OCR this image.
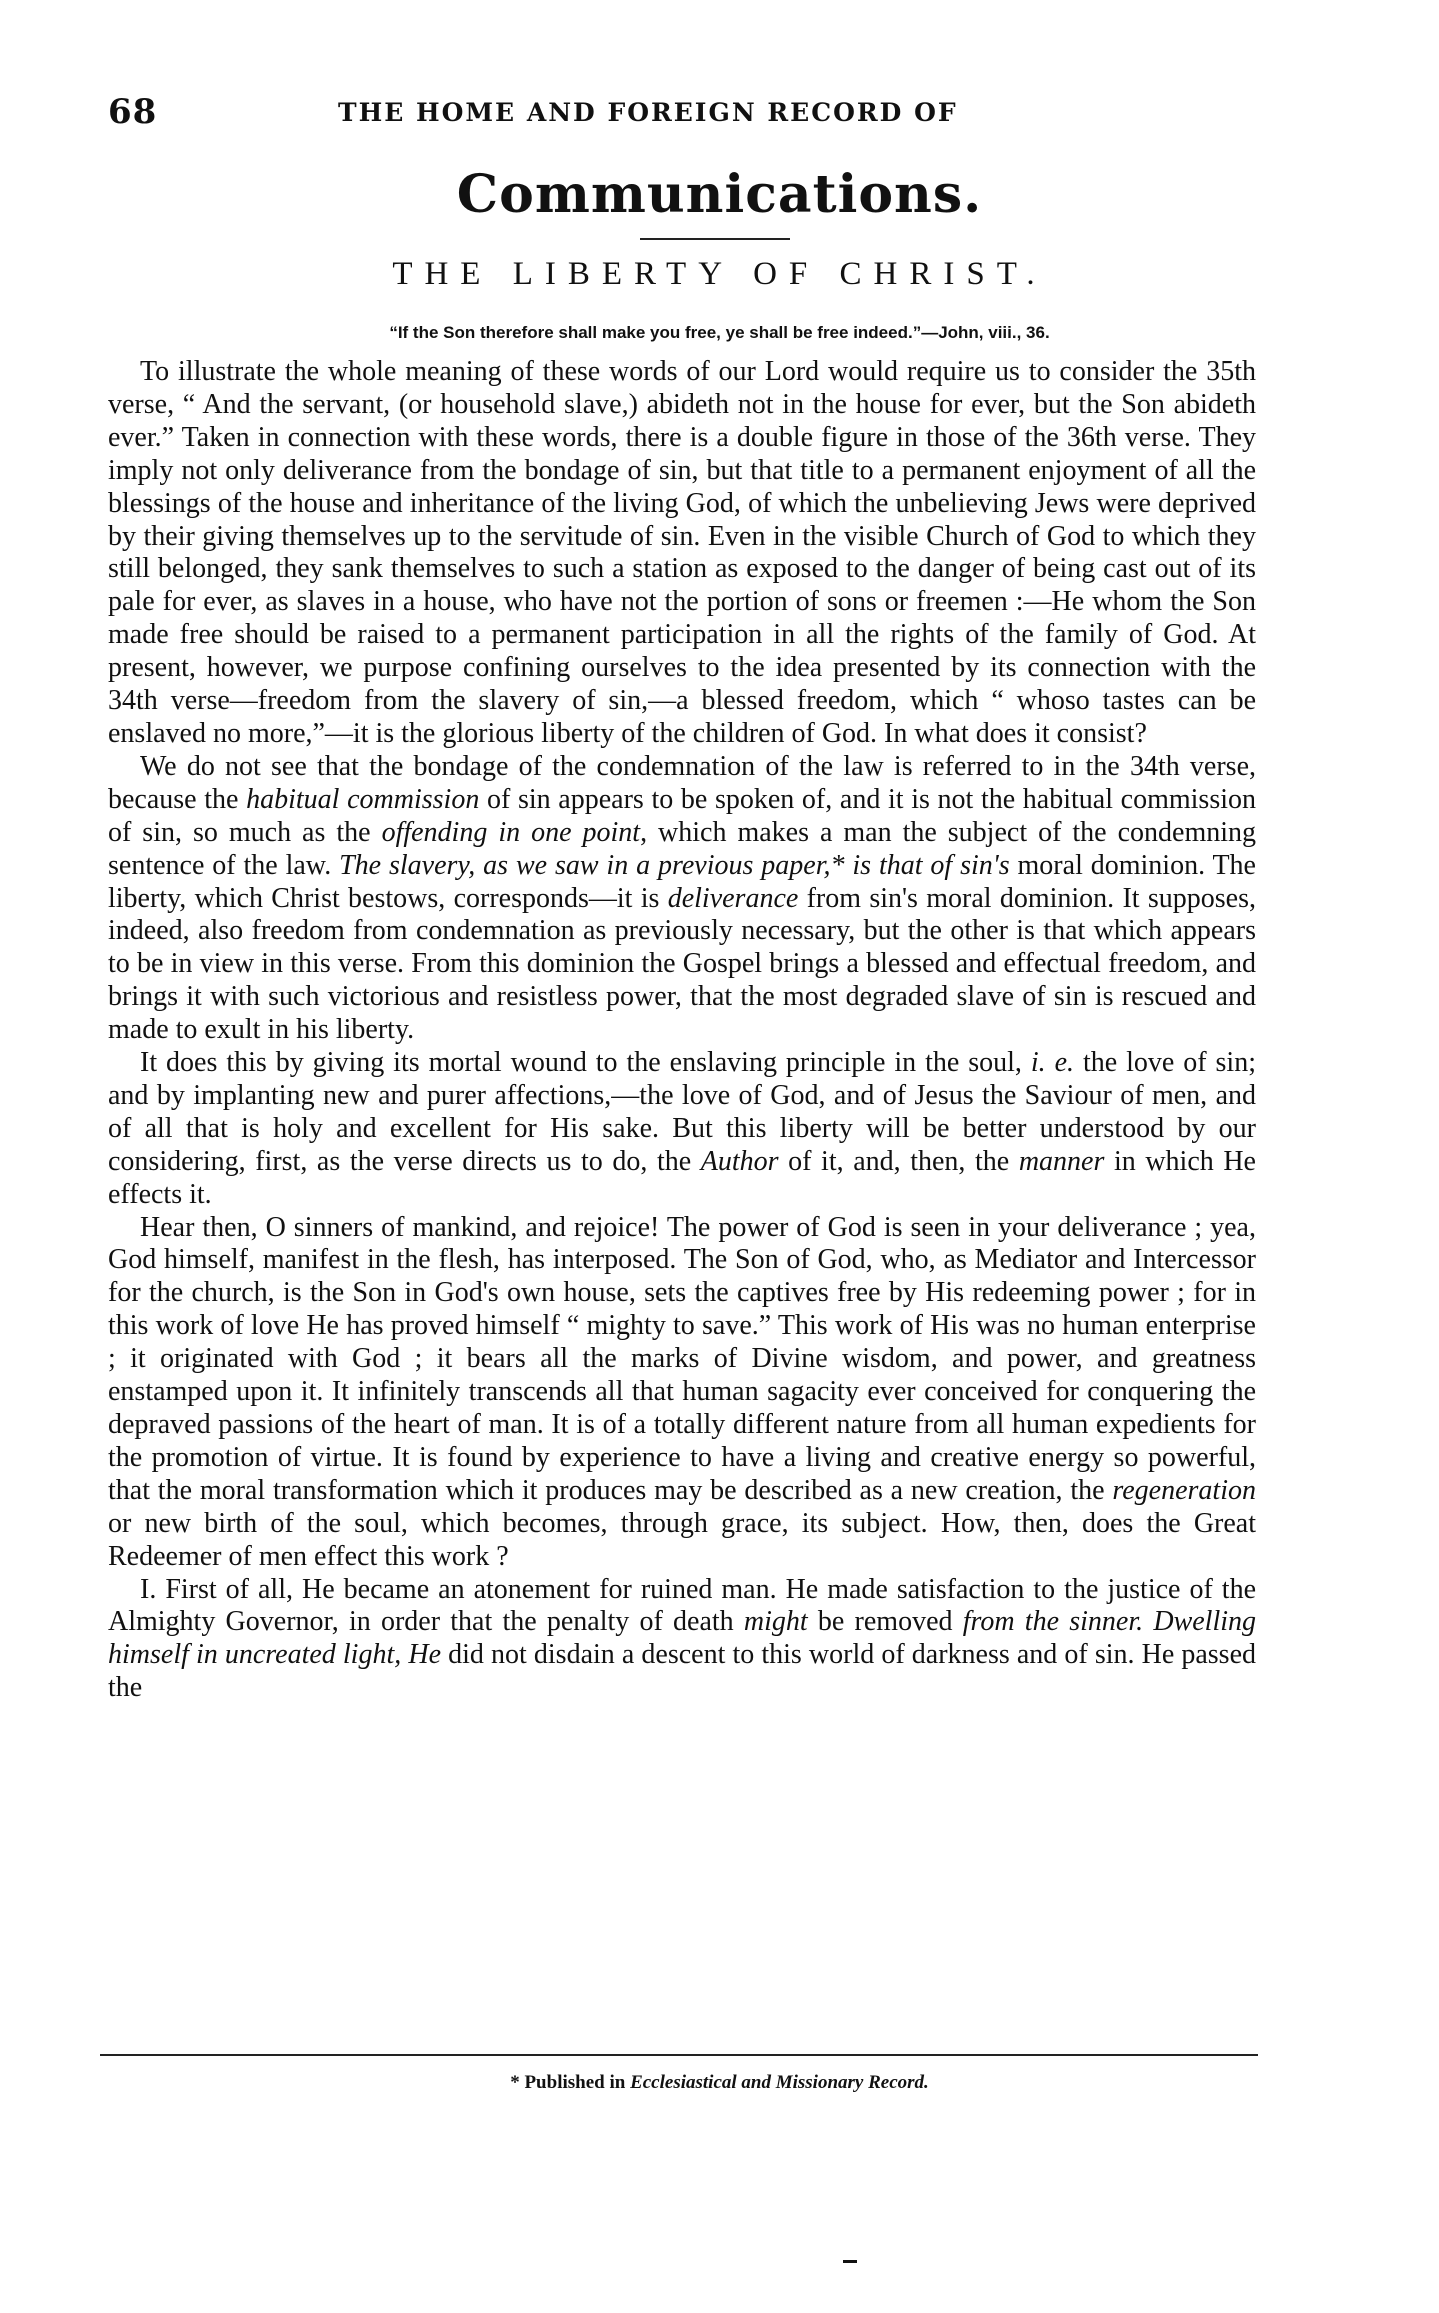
68	THE HOME AND FOREIGN RECORD OF
Communications.
THE LIBERTY OF CHRIST.
“If the Son therefore shall make you free, ye shall be free indeed.”—John, viii., 36.

To illustrate the whole meaning of these words of our Lord would require us to consider the 35th verse, “ And the servant, (or household slave,) abideth not in the house for ever, but the Son abideth ever.” Taken in connection with these words, there is a double figure in those of the 36th verse. They imply not only deliverance from the bondage of sin, but that title to a permanent enjoyment of all the blessings of the house and inheritance of the living God, of which the unbelieving Jews were deprived by their giving themselves up to the servitude of sin. Even in the visible Church of God to which they still belonged, they sank themselves to such a station as exposed to the danger of being cast out of its pale for ever, as slaves in a house, who have not the portion of sons or freemen :—He whom the Son made free should be raised to a permanent participation in all the rights of the family of God. At present, however, we purpose confining ourselves to the idea presented by its connection with the 34th verse—freedom from the slavery of sin,—a blessed freedom, which “ whoso tastes can be enslaved no more,”—it is the glorious liberty of the children of God. In what does it consist?

We do not see that the bondage of the condemnation of the law is referred to in the 34th verse, because the habitual commission of sin appears to be spoken of, and it is not the habitual commission of sin, so much as the offending in one point, which makes a man the subject of the condemning sentence of the law. The slavery, as we saw in a previous paper,* is that of sin's moral dominion. The liberty, which Christ bestows, corresponds—it is deliverance from sin's moral dominion. It supposes, indeed, also freedom from condemnation as previously necessary, but the other is that which appears to be in view in this verse. From this dominion the Gospel brings a blessed and effectual freedom, and brings it with such victorious and resistless power, that the most degraded slave of sin is rescued and made to exult in his liberty.

It does this by giving its mortal wound to the enslaving principle in the soul, i. e. the love of sin; and by implanting new and purer affections,—the love of God, and of Jesus the Saviour of men, and of all that is holy and excellent for His sake. But this liberty will be better understood by our considering, first, as the verse directs us to do, the Author of it, and, then, the manner in which He effects it.

Hear then, O sinners of mankind, and rejoice! The power of God is seen in your deliverance ; yea, God himself, manifest in the flesh, has interposed. The Son of God, who, as Mediator and Intercessor for the church, is the Son in God's own house, sets the captives free by His redeeming power ; for in this work of love He has proved himself “ mighty to save.” This work of His was no human enterprise ; it originated with God ; it bears all the marks of Divine wisdom, and power, and greatness enstamped upon it. It infinitely transcends all that human sagacity ever conceived for conquering the depraved passions of the heart of man. It is of a totally different nature from all human expedients for the promotion of virtue. It is found by experience to have a living and creative energy so powerful, that the moral transformation which it produces may be described as a new creation, the regeneration or new birth of the soul, which becomes, through grace, its subject. How, then, does the Great Redeemer of men effect this work ?

I. First of all, He became an atonement for ruined man. He made satisfaction to the justice of the Almighty Governor, in order that the penalty of death might be removed from the sinner. Dwelling himself in uncreated light, He did not disdain a descent to this world of darkness and of sin. He passed the

* Published in Ecclesiastical and Missionary Record.
